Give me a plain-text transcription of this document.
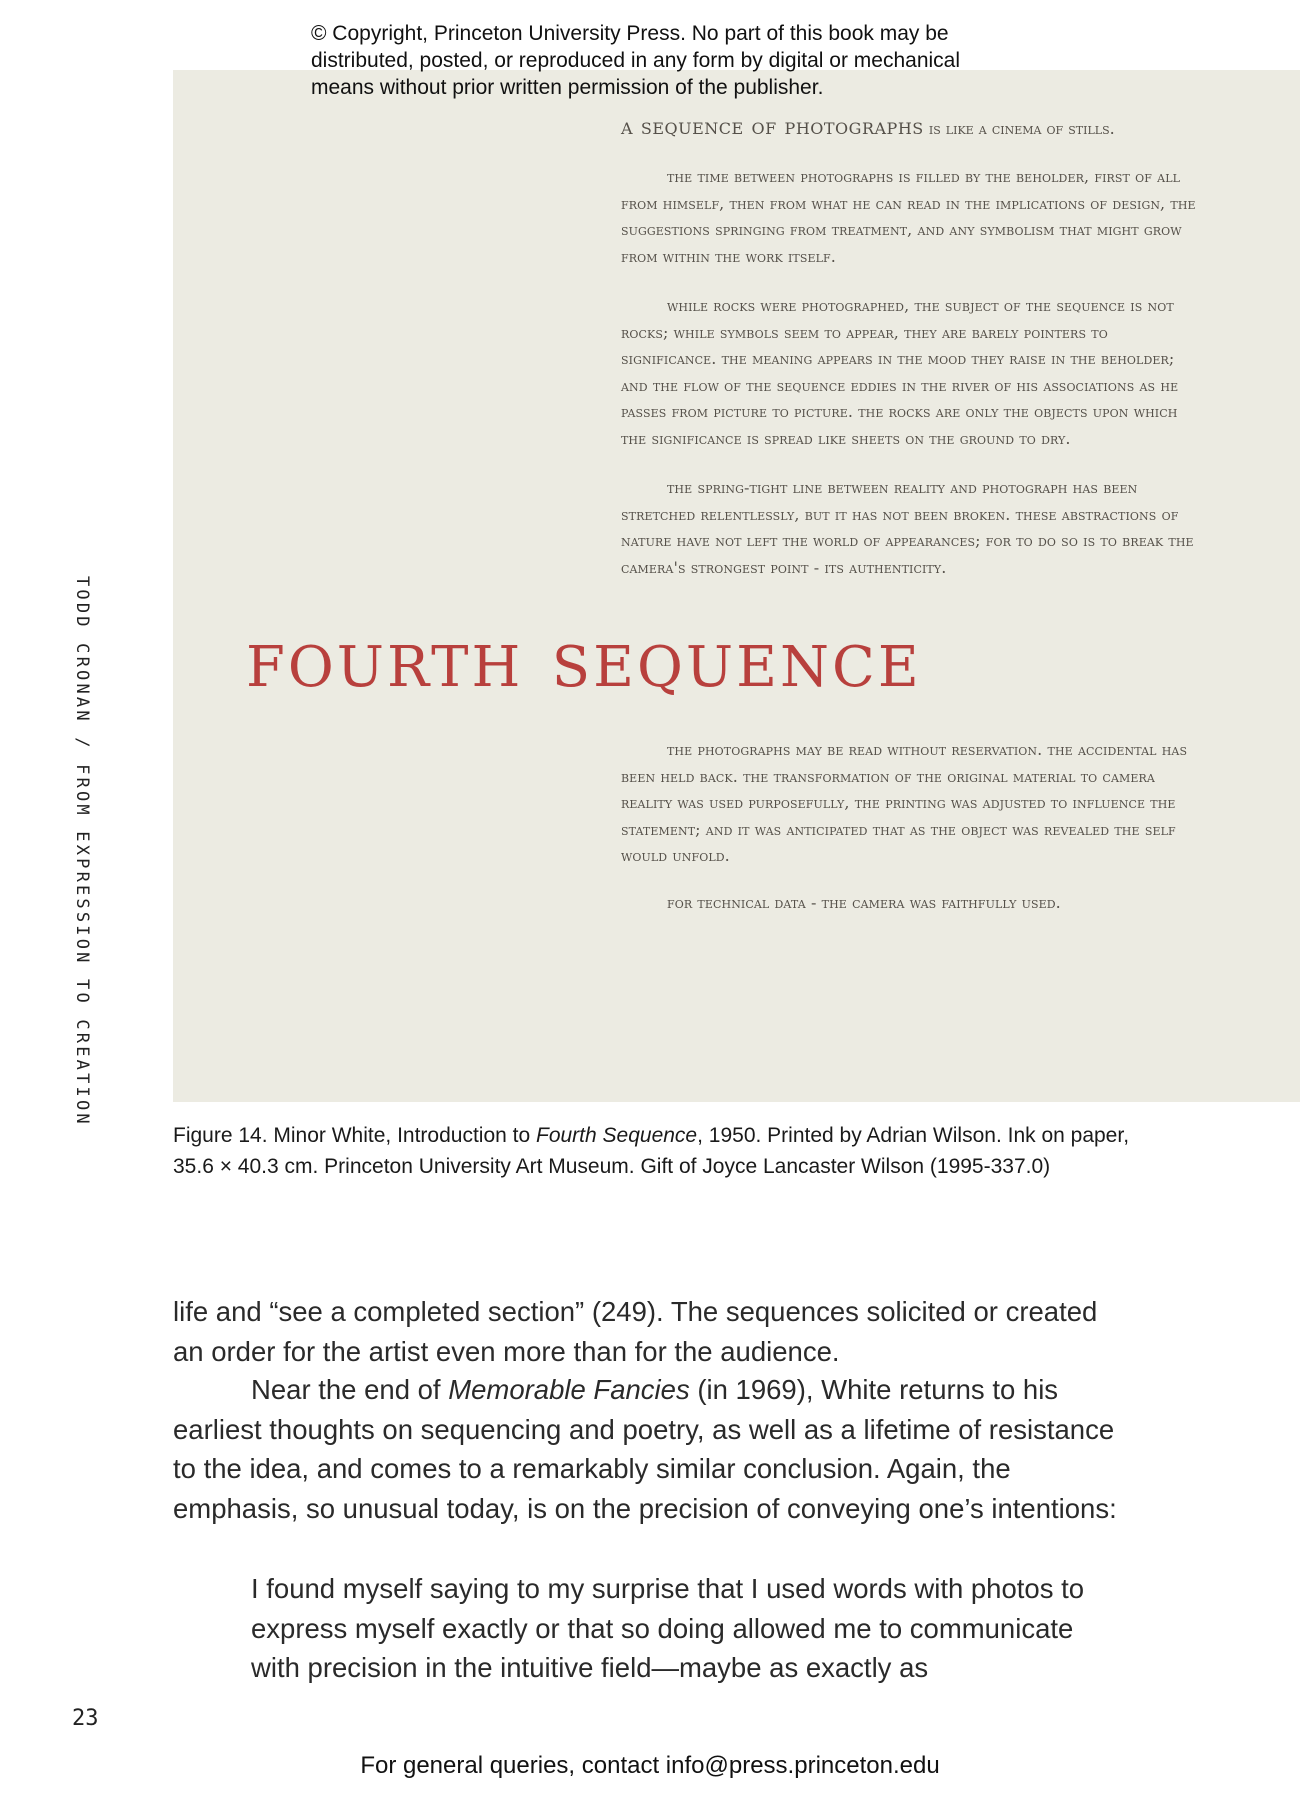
© Copyright, Princeton University Press. No part of this book may be
distributed, posted, or reproduced in any form by digital or mechanical
means without prior written permission of the publisher.
a sequence of photographs is like a cinema of stills.
the time between photographs is filled by the beholder, first of all from himself, then from what he can read in the implications of design, the suggestions springing from treatment, and any symbolism that might grow from within the work itself.
while rocks were photographed, the subject of the sequence is not rocks; while symbols seem to appear, they are barely pointers to significance. the meaning appears in the mood they raise in the beholder; and the flow of the sequence eddies in the river of his associations as he passes from picture to picture. the rocks are only the objects upon which the significance is spread like sheets on the ground to dry.
the spring-tight line between reality and photograph has been stretched relentlessly, but it has not been broken. these abstractions of nature have not left the world of appearances; for to do so is to break the camera's strongest point - its authenticity.
fourth sequence
the photographs may be read without reservation. the accidental has been held back. the transformation of the original material to camera reality was used purposefully, the printing was adjusted to influence the statement; and it was anticipated that as the object was revealed the self would unfold.
for technical data - the camera was faithfully used.
TODD CRONAN / FROM EXPRESSION TO CREATION
Figure 14. Minor White, Introduction to Fourth Sequence, 1950. Printed by Adrian Wilson. Ink on paper, 35.6 × 40.3 cm. Princeton University Art Museum. Gift of Joyce Lancaster Wilson (1995-337.0)
life and “see a completed section” (249). The sequences solicited or created an order for the artist even more than for the audience.
Near the end of Memorable Fancies (in 1969), White returns to his earliest thoughts on sequencing and poetry, as well as a lifetime of resistance to the idea, and comes to a remarkably similar conclusion. Again, the emphasis, so unusual today, is on the precision of conveying one’s intentions:
I found myself saying to my surprise that I used words with photos to express myself exactly or that so doing allowed me to communicate with precision in the intuitive field—maybe as exactly as
23
For general queries, contact info@press.princeton.edu
